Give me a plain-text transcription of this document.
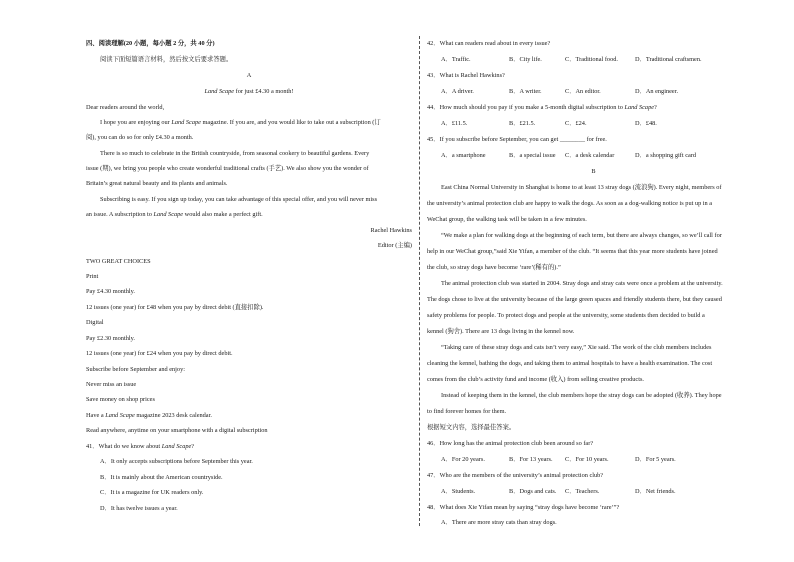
四、阅读理解(20 小题，每小题 2 分，共 40 分)
阅读下面短篇语言材料，然后按文后要求答题。
A
Land Scape for just £4.30 a month!
Dear readers around the world,
I hope you are enjoying our Land Scape magazine. If you are, and you would like to take out a subscription (订
阅), you can do so for only £4.30 a month.
There is so much to celebrate in the British countryside, from seasonal cookery to beautiful gardens. Every
issue (期), we bring you people who create wonderful traditional crafts (手艺). We also show you the wonder of
Britain’s great natural beauty and its plants and animals.
Subscribing is easy. If you sign up today, you can take advantage of this special offer, and you will never miss
an issue. A subscription to Land Scape would also make a perfect gift.
Rachel Hawkins
Editor (主编)
TWO GREAT CHOICES
Print
Pay £4.30 monthly.
12 issues (one year) for £48 when you pay by direct debit (直接扣除).
Digital
Pay £2.30 monthly.
12 issues (one year) for £24 when you pay by direct debit.
Subscribe before September and enjoy:
Never miss an issue
Save money on shop prices
Have a Land Scape magazine 2023 desk calendar.
Read anywhere, anytime on your smartphone with a digital subscription
41．What do we know about Land Scape?
A．It only accepts subscriptions before September this year.
B．It is mainly about the American countryside.
C．It is a magazine for UK readers only.
D．It has twelve issues a year.
42．What can readers read about in every issue?
A．Traffic.	B．City life.	C．Traditional food.	D．Traditional craftsmen.
43．What is Rachel Hawkins?
A．A driver.	B．A writer.	C．An editor.	D．An engineer.
44．How much should you pay if you make a 5-month digital subscription to Land Scape?
A．£11.5.	B．£21.5.	C．£24.	D．£48.
45．If you subscribe before September, you can get ________ for free.
A．a smartphone	B．a special issue C．a desk calendar	D．a shopping gift card
B
East China Normal University in Shanghai is home to at least 13 stray dogs (流浪狗). Every night, members of
the university’s animal protection club are happy to walk the dogs. As soon as a dog-walking notice is put up in a
WeChat group, the walking task will be taken in a few minutes.
“We make a plan for walking dogs at the beginning of each term, but there are always changes, so we’ll call for
help in our WeChat group,”said Xie Yifan, a member of the club. “It seems that this year more students have joined
the club, so stray dogs have become ‘rare’(稀有的).”
The animal protection club was started in 2004. Stray dogs and stray cats were once a problem at the university.
The dogs chose to live at the university because of the large green spaces and friendly students there, but they caused
safety problems for people. To protect dogs and people at the university, some students then decided to build a
kennel (狗舍). There are 13 dogs living in the kennel now.
“Taking care of these stray dogs and cats isn’t very easy,” Xie said. The work of the club members includes
cleaning the kennel, bathing the dogs, and taking them to animal hospitals to have a health examination. The cost
comes from the club’s activity fund and income (收入) from selling creative products.
Instead of keeping them in the kennel, the club members hope the stray dogs can be adopted (收养). They hope
to find forever homes for them.
根据短文内容，选择最佳答案。
46．How long has the animal protection club been around so far?
A．For 20 years.	B．For 13 years. C．For 10 years.	D．For 5 years.
47．Who are the members of the university’s animal protection club?
A．Students.	B．Dogs and cats. C．Teachers.	D．Net friends.
48．What does Xie Yifan mean by saying “stray dogs have become ‘rare’”?
A．There are more stray cats than stray dogs.
